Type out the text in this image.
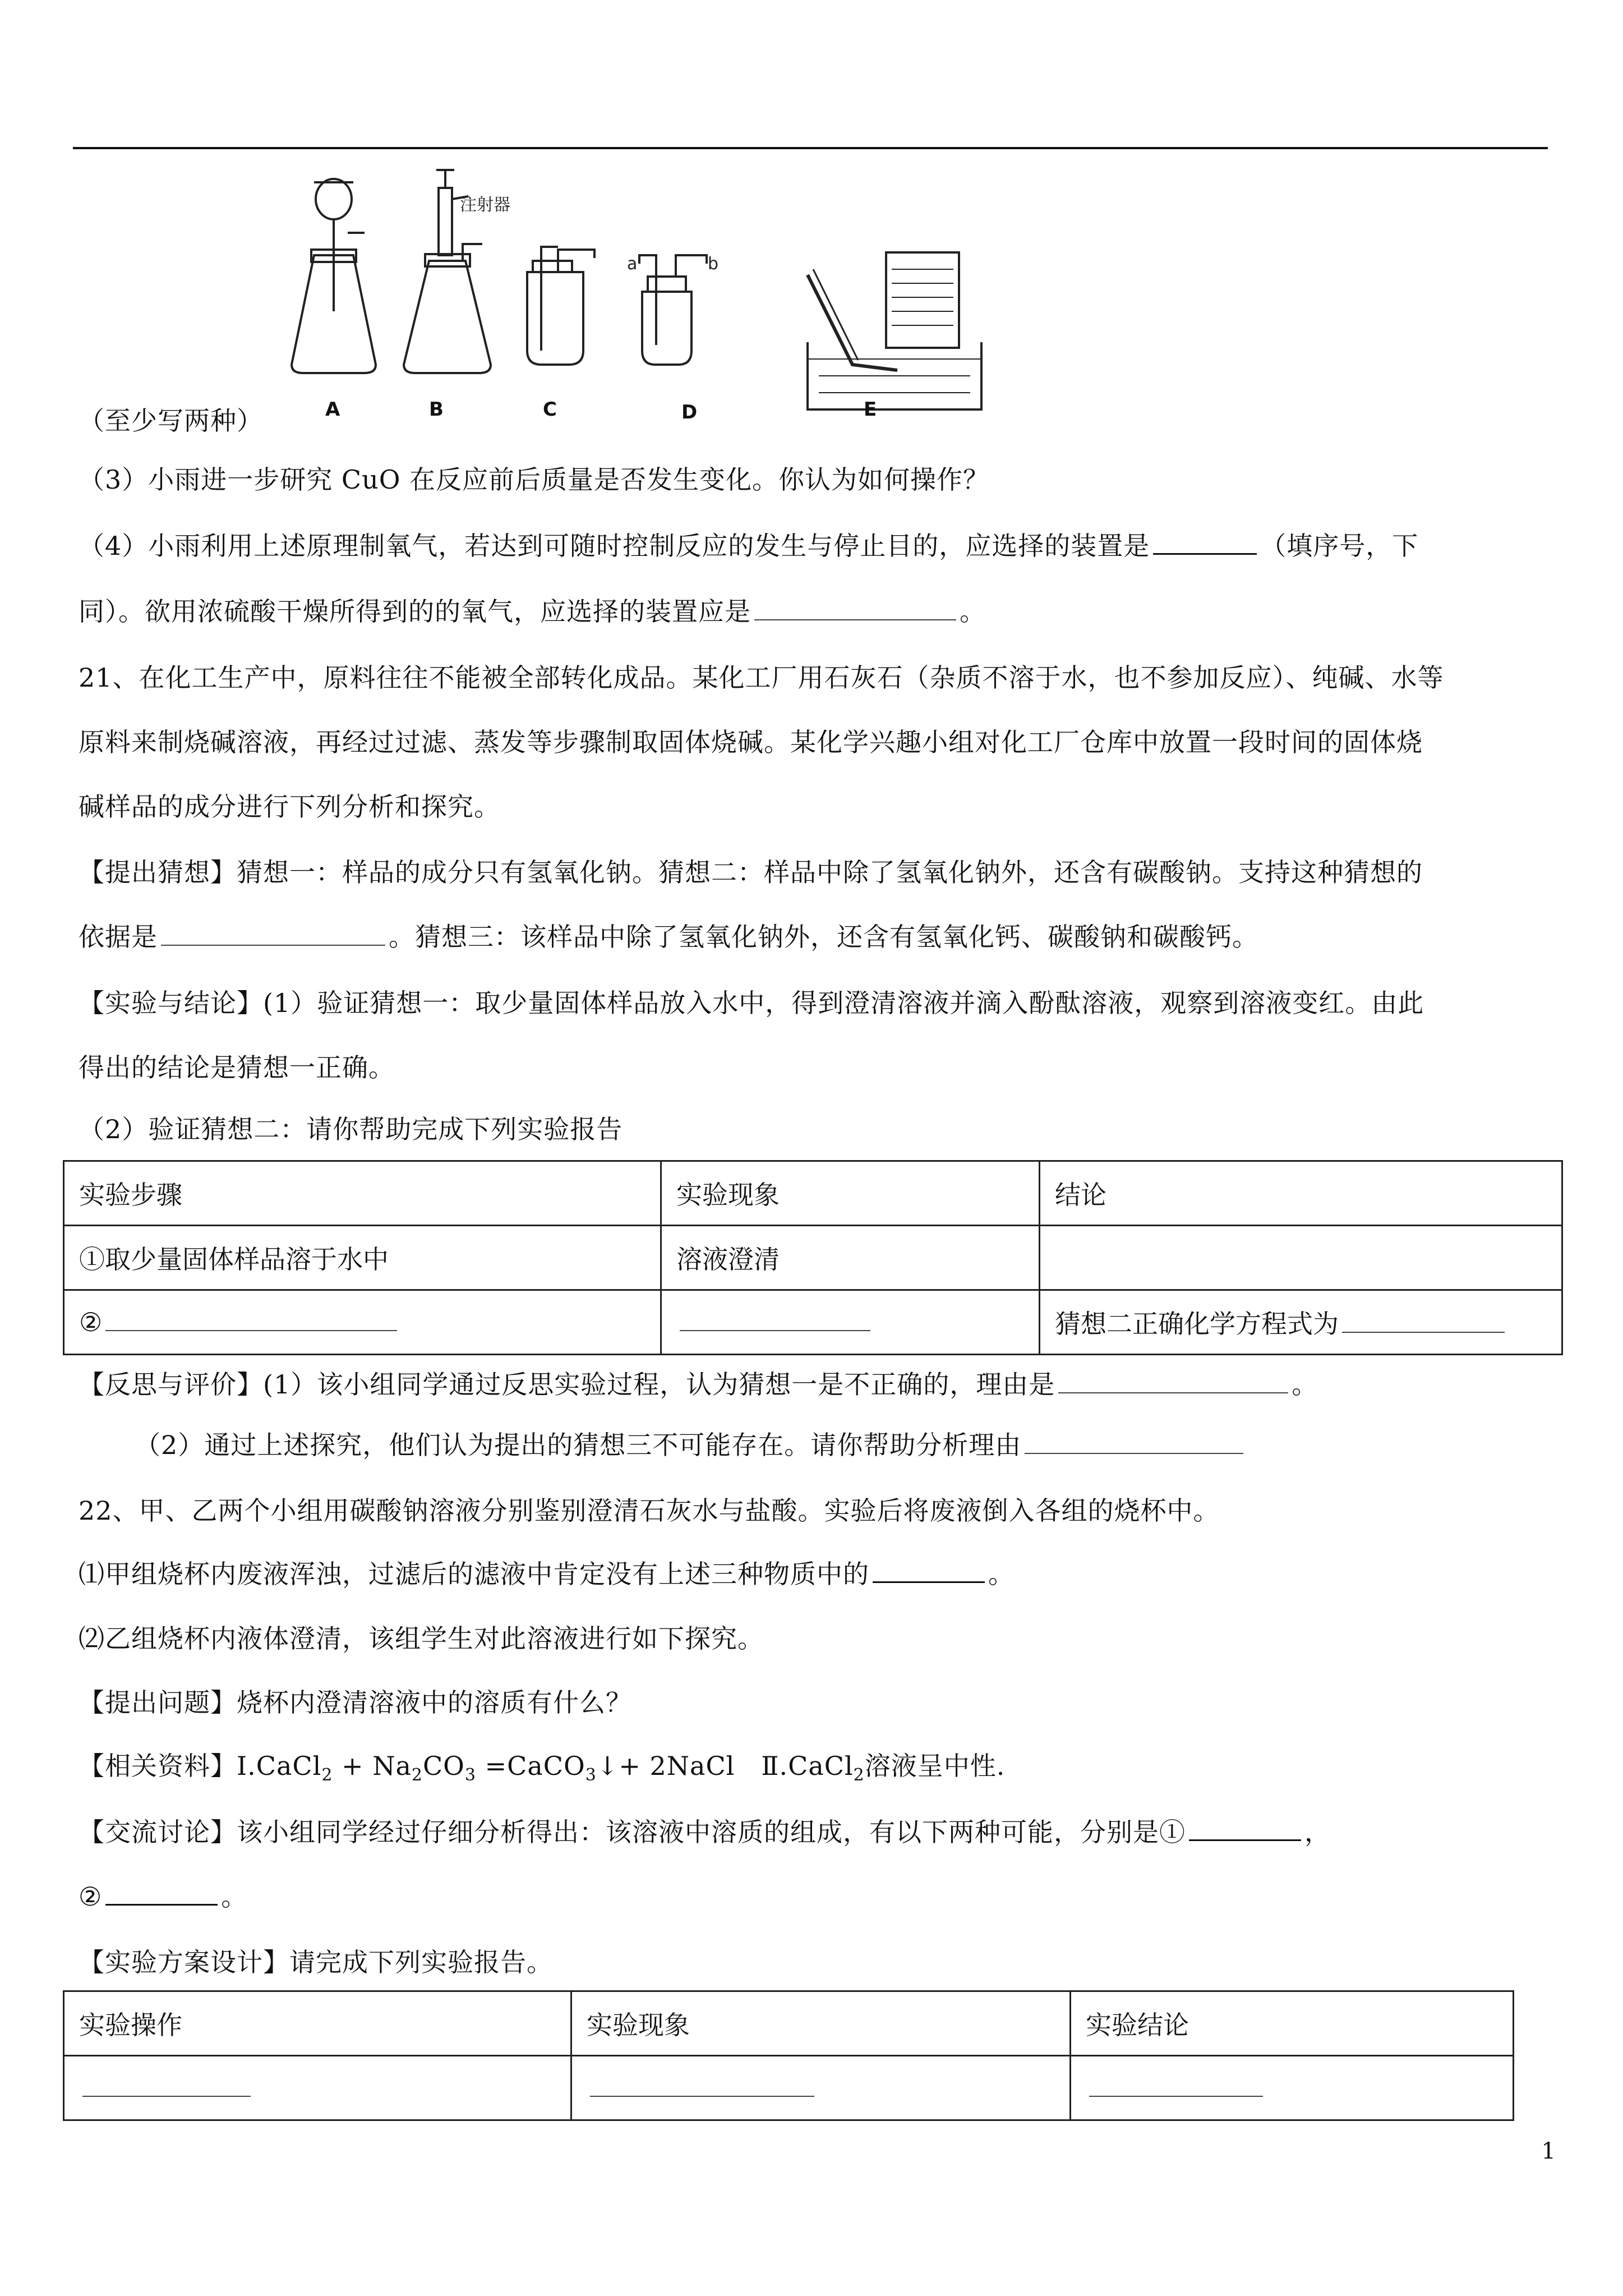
注射器
a	b
A	B	C	D	E
（至少写两种）
（3）小雨进一步研究 CuO 在反应前后质量是否发生变化。你认为如何操作？
（4）小雨利用上述原理制氧气，若达到可随时控制反应的发生与停止目的，应选择的装置是	（填序号，下
同）。欲用浓硫酸干燥所得到的的氧气，应选择的装置应是	。
21、在化工生产中，原料往往不能被全部转化成品。某化工厂用石灰石（杂质不溶于水，也不参加反应）、纯碱、水等
原料来制烧碱溶液，再经过过滤、蒸发等步骤制取固体烧碱。某化学兴趣小组对化工厂仓库中放置一段时间的固体烧
碱样品的成分进行下列分析和探究。
【提出猜想】猜想一：样品的成分只有氢氧化钠。猜想二：样品中除了氢氧化钠外，还含有碳酸钠。支持这种猜想的
依据是	。猜想三：该样品中除了氢氧化钠外，还含有氢氧化钙、碳酸钠和碳酸钙。
【实验与结论】(1）验证猜想一：取少量固体样品放入水中，得到澄清溶液并滴入酚酞溶液，观察到溶液变红。由此
得出的结论是猜想一正确。
（2）验证猜想二：请你帮助完成下列实验报告
实验步骤	实验现象	结论
①取少量固体样品溶于水中	溶液澄清	
②		猜想二正确化学方程式为
【反思与评价】(1）该小组同学通过反思实验过程，认为猜想一是不正确的，理由是	。
（2）通过上述探究，他们认为提出的猜想三不可能存在。请你帮助分析理由
22、甲、乙两个小组用碳酸钠溶液分别鉴别澄清石灰水与盐酸。实验后将废液倒入各组的烧杯中。
⑴甲组烧杯内废液浑浊，过滤后的滤液中肯定没有上述三种物质中的	。
⑵乙组烧杯内液体澄清，该组学生对此溶液进行如下探究。
【提出问题】烧杯内澄清溶液中的溶质有什么？
【相关资料】Ⅰ.CaCl$_2$ + $Na_2CO_3$ =CaCO$_3$↓+ 2NaCl Ⅱ.CaCl$_2$溶液呈中性.
【交流讨论】该小组同学经过仔细分析得出：该溶液中溶质的组成，有以下两种可能，分别是①	，
②	。
【实验方案设计】请完成下列实验报告。
实验操作	实验现象	实验结论

1
